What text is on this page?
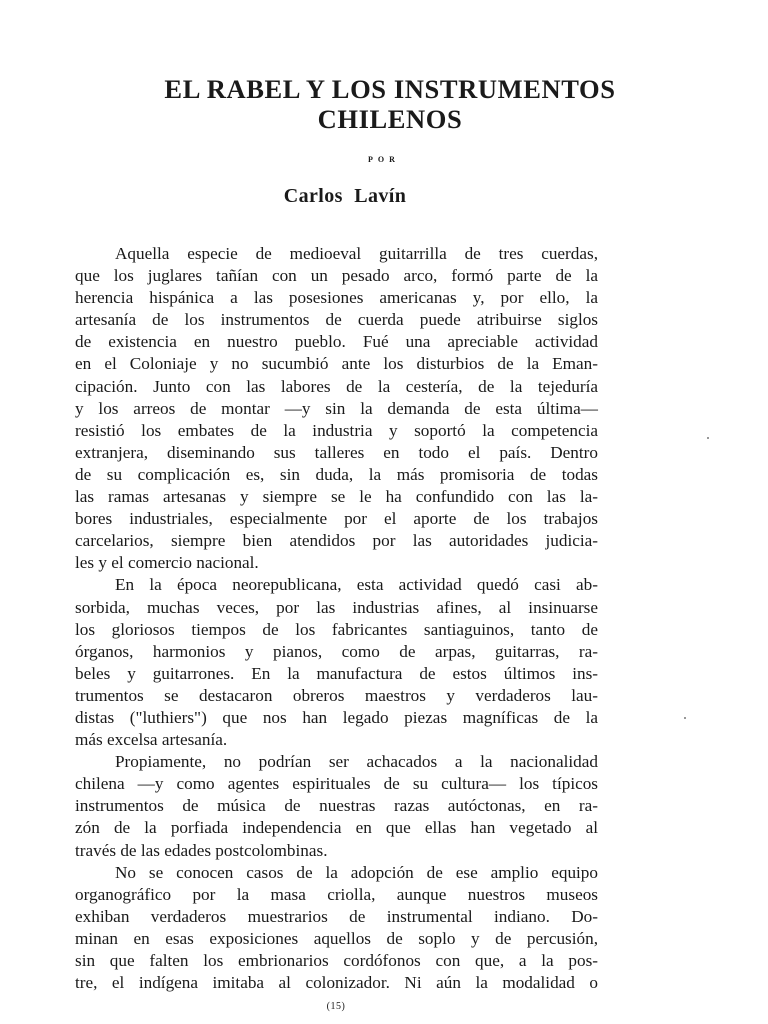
EL RABEL Y LOS INSTRUMENTOS
CHILENOS
POR
Carlos Lavín

Aquella especie de medioeval guitarrilla de tres cuerdas,
que los juglares tañían con un pesado arco, formó parte de la
herencia hispánica a las posesiones americanas y, por ello, la
artesanía de los instrumentos de cuerda puede atribuirse siglos
de existencia en nuestro pueblo. Fué una apreciable actividad
en el Coloniaje y no sucumbió ante los disturbios de la Eman-
cipación. Junto con las labores de la cestería, de la tejeduría
y los arreos de montar —y sin la demanda de esta última—
resistió los embates de la industria y soportó la competencia
extranjera, diseminando sus talleres en todo el país. Dentro
de su complicación es, sin duda, la más promisoria de todas
las ramas artesanas y siempre se le ha confundido con las la-
bores industriales, especialmente por el aporte de los trabajos
carcelarios, siempre bien atendidos por las autoridades judicia-
les y el comercio nacional.

En la época neorepublicana, esta actividad quedó casi ab-
sorbida, muchas veces, por las industrias afines, al insinuarse
los gloriosos tiempos de los fabricantes santiaguinos, tanto de
órganos, harmonios y pianos, como de arpas, guitarras, ra-
beles y guitarrones. En la manufactura de estos últimos ins-
trumentos se destacaron obreros maestros y verdaderos lau-
distas ("luthiers") que nos han legado piezas magníficas de la
más excelsa artesanía.

Propiamente, no podrían ser achacados a la nacionalidad
chilena —y como agentes espirituales de su cultura— los típicos
instrumentos de música de nuestras razas autóctonas, en ra-
zón de la porfiada independencia en que ellas han vegetado al
través de las edades postcolombinas.

No se conocen casos de la adopción de ese amplio equipo
organográfico por la masa criolla, aunque nuestros museos
exhiban verdaderos muestrarios de instrumental indiano. Do-
minan en esas exposiciones aquellos de soplo y de percusión,
sin que falten los embrionarios cordófonos con que, a la pos-
tre, el indígena imitaba al colonizador. Ni aún la modalidad o

(15)
